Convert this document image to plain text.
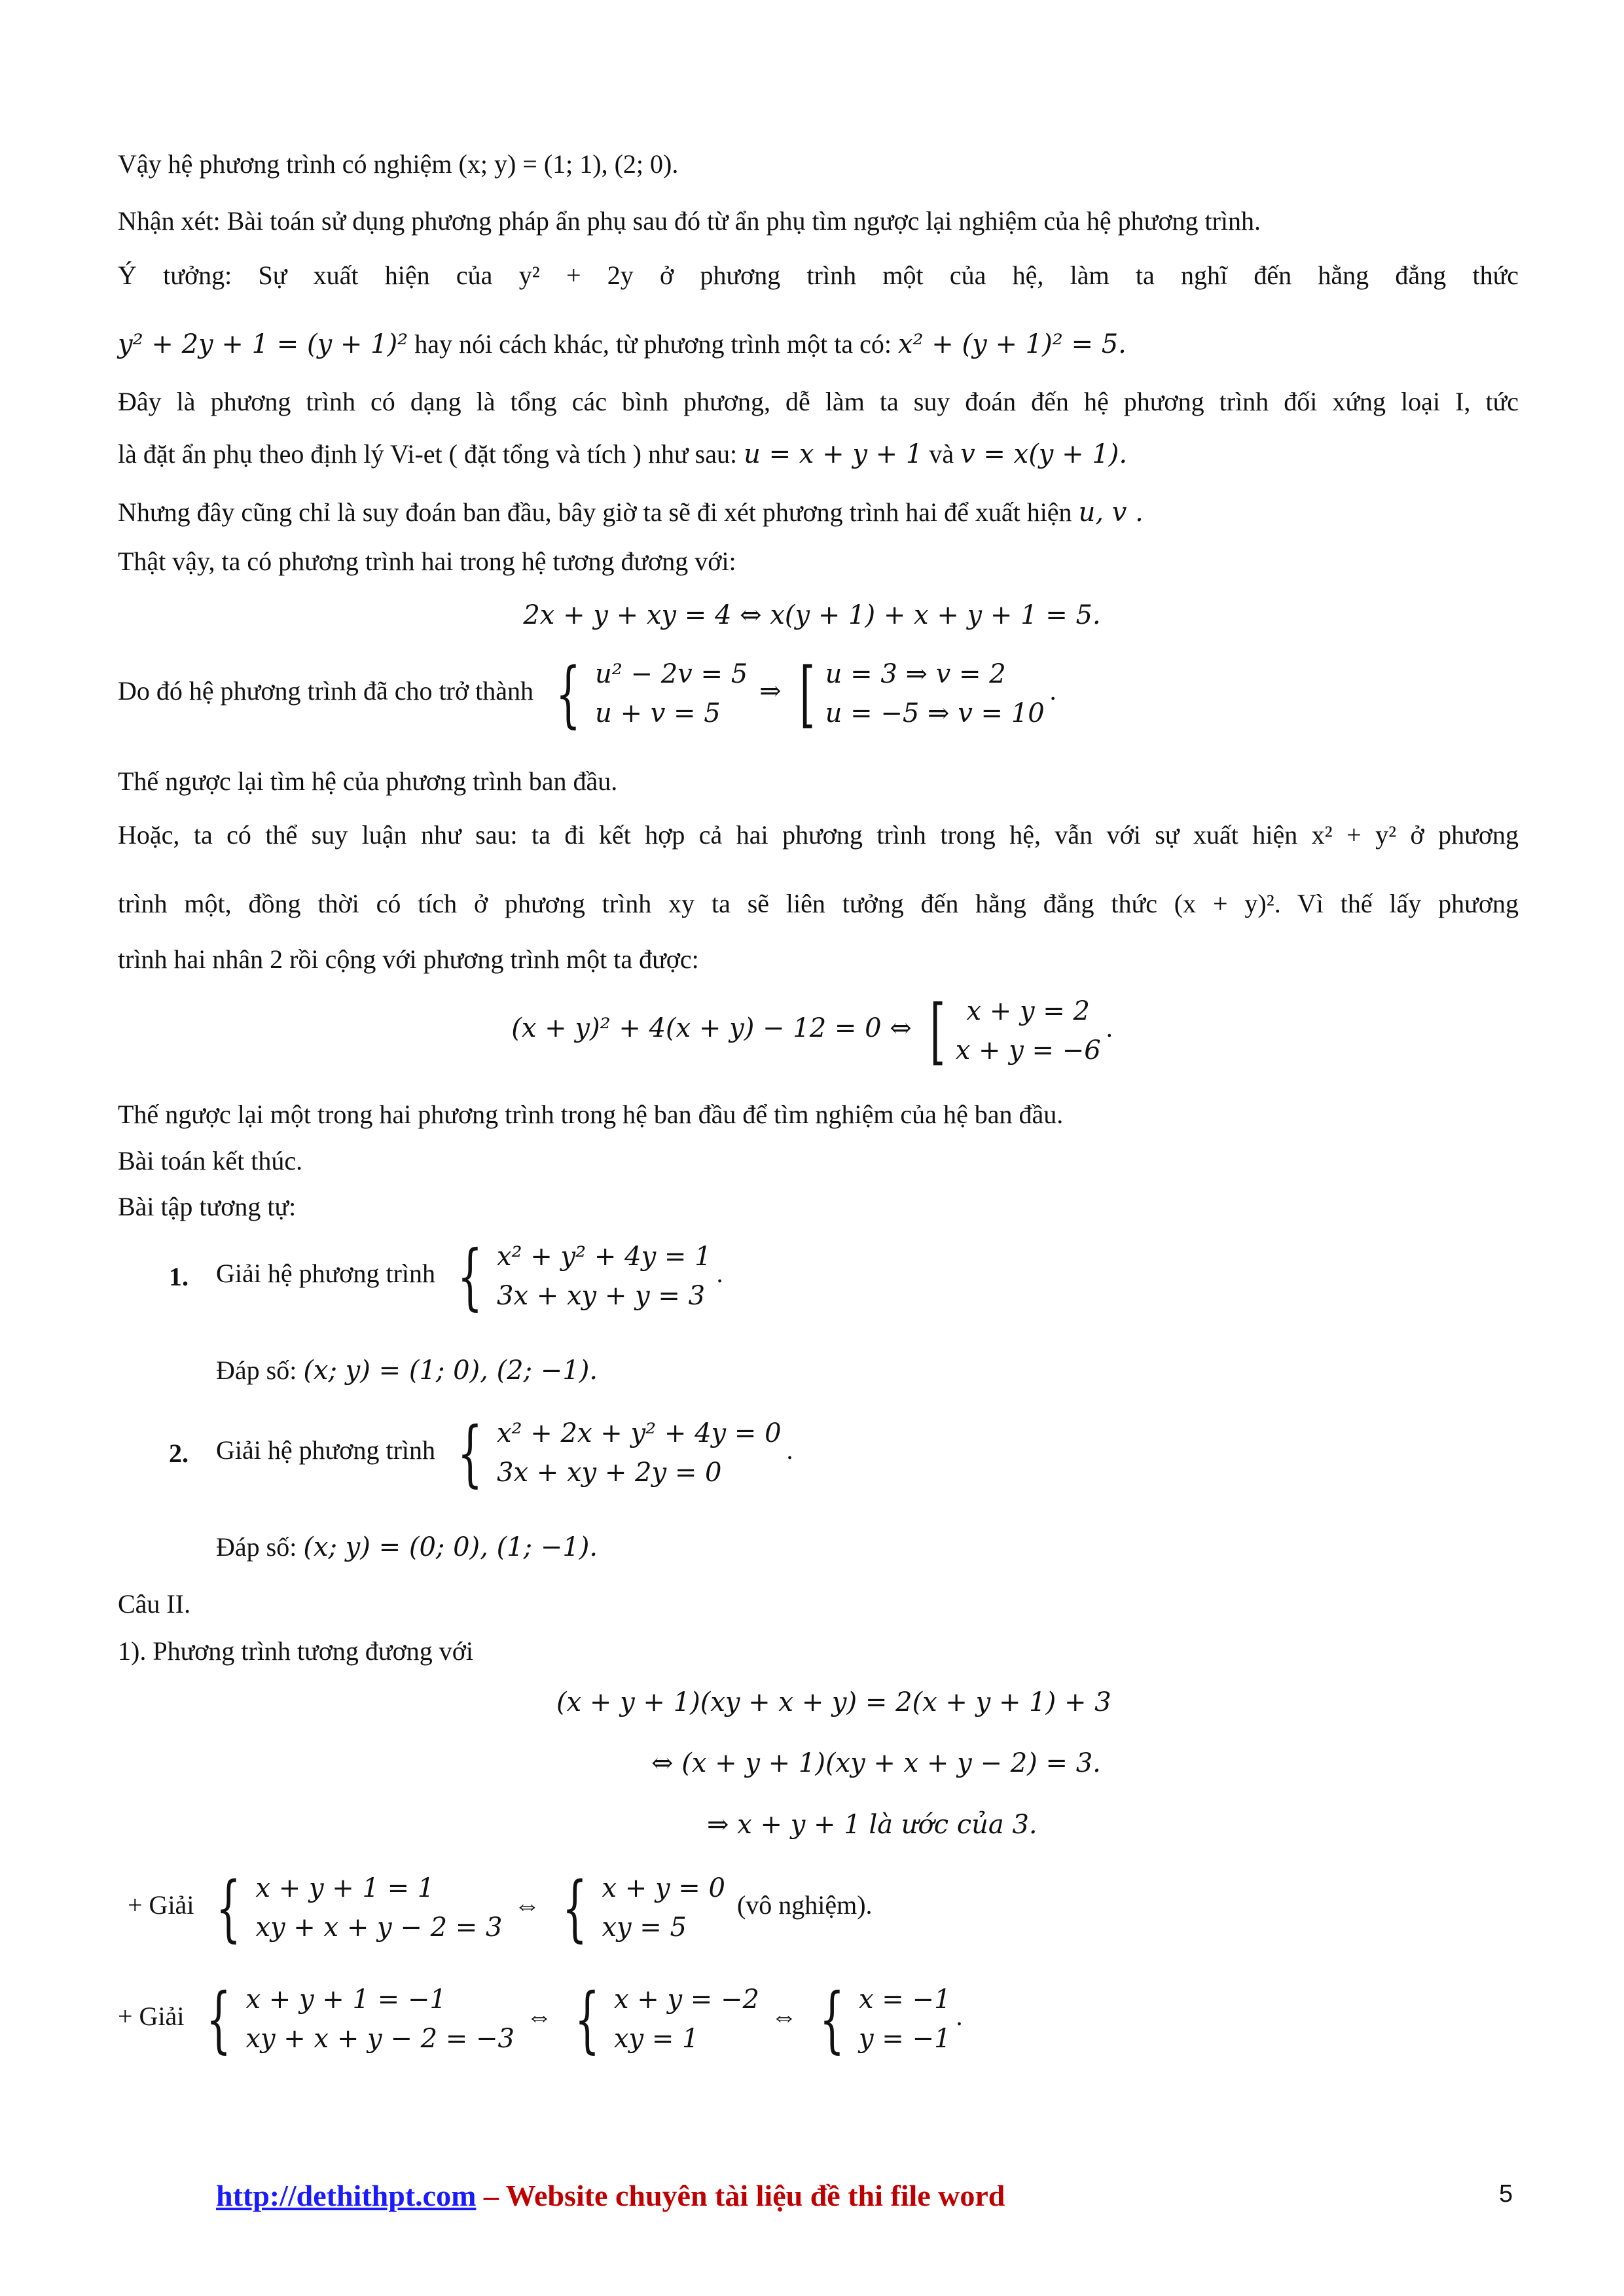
Vậy hệ phương trình có nghiệm (x; y) = (1; 1), (2; 0).
Nhận xét: Bài toán sử dụng phương pháp ẩn phụ sau đó từ ẩn phụ tìm ngược lại nghiệm của hệ phương trình.
Ý tưởng: Sự xuất hiện của y² + 2y ở phương trình một của hệ, làm ta nghĩ đến hằng đẳng thức
y² + 2y + 1 = (y + 1)² hay nói cách khác, từ phương trình một ta có: x² + (y + 1)² = 5.
Đây là phương trình có dạng là tổng các bình phương, dễ làm ta suy đoán đến hệ phương trình đối xứng loại I, tức
là đặt ẩn phụ theo định lý Vi-et ( đặt tổng và tích ) như sau: u = x + y + 1 và v = x(y + 1).
Nhưng đây cũng chỉ là suy đoán ban đầu, bây giờ ta sẽ đi xét phương trình hai để xuất hiện u, v .
Thật vậy, ta có phương trình hai trong hệ tương đương với:
2x + y + xy = 4 ⇔ x(y + 1) + x + y + 1 = 5.
Do đó hệ phương trình đã cho trở thành { u² − 2v = 5
u + v = 5
⇒ [ u = 3 ⇒ v = 2
u = −5 ⇒ v = 10
.
Thế ngược lại tìm hệ của phương trình ban đầu.
Hoặc, ta có thể suy luận như sau: ta đi kết hợp cả hai phương trình trong hệ, vẫn với sự xuất hiện x² + y² ở phương
trình một, đồng thời có tích ở phương trình xy ta sẽ liên tưởng đến hằng đẳng thức (x + y)². Vì thế lấy phương
trình hai nhân 2 rồi cộng với phương trình một ta được:
(x + y)² + 4(x + y) − 12 = 0 ⇔ [ x + y = 2
x + y = −6
.
Thế ngược lại một trong hai phương trình trong hệ ban đầu để tìm nghiệm của hệ ban đầu.
Bài toán kết thúc.
Bài tập tương tự:
1. Giải hệ phương trình { x² + y² + 4y = 1
3x + xy + y = 3
.
Đáp số: (x; y) = (1; 0), (2; −1).
2. Giải hệ phương trình { x² + 2x + y² + 4y = 0
3x + xy + 2y = 0
.
Đáp số: (x; y) = (0; 0), (1; −1).
Câu II.
1). Phương trình tương đương với
(x + y + 1)(xy + x + y) = 2(x + y + 1) + 3
⇔ (x + y + 1)(xy + x + y − 2) = 3.
⇒ x + y + 1 là ước của 3.
+ Giải { x + y + 1 = 1
xy + x + y − 2 = 3
⇔ { x + y = 0
xy = 5
(vô nghiệm).
+ Giải { x + y + 1 = −1
xy + x + y − 2 = −3
⇔ { x + y = −2
xy = 1
⇔ { x = −1
y = −1
.
http://dethithpt.com – Website chuyên tài liệu đề thi file word	5
